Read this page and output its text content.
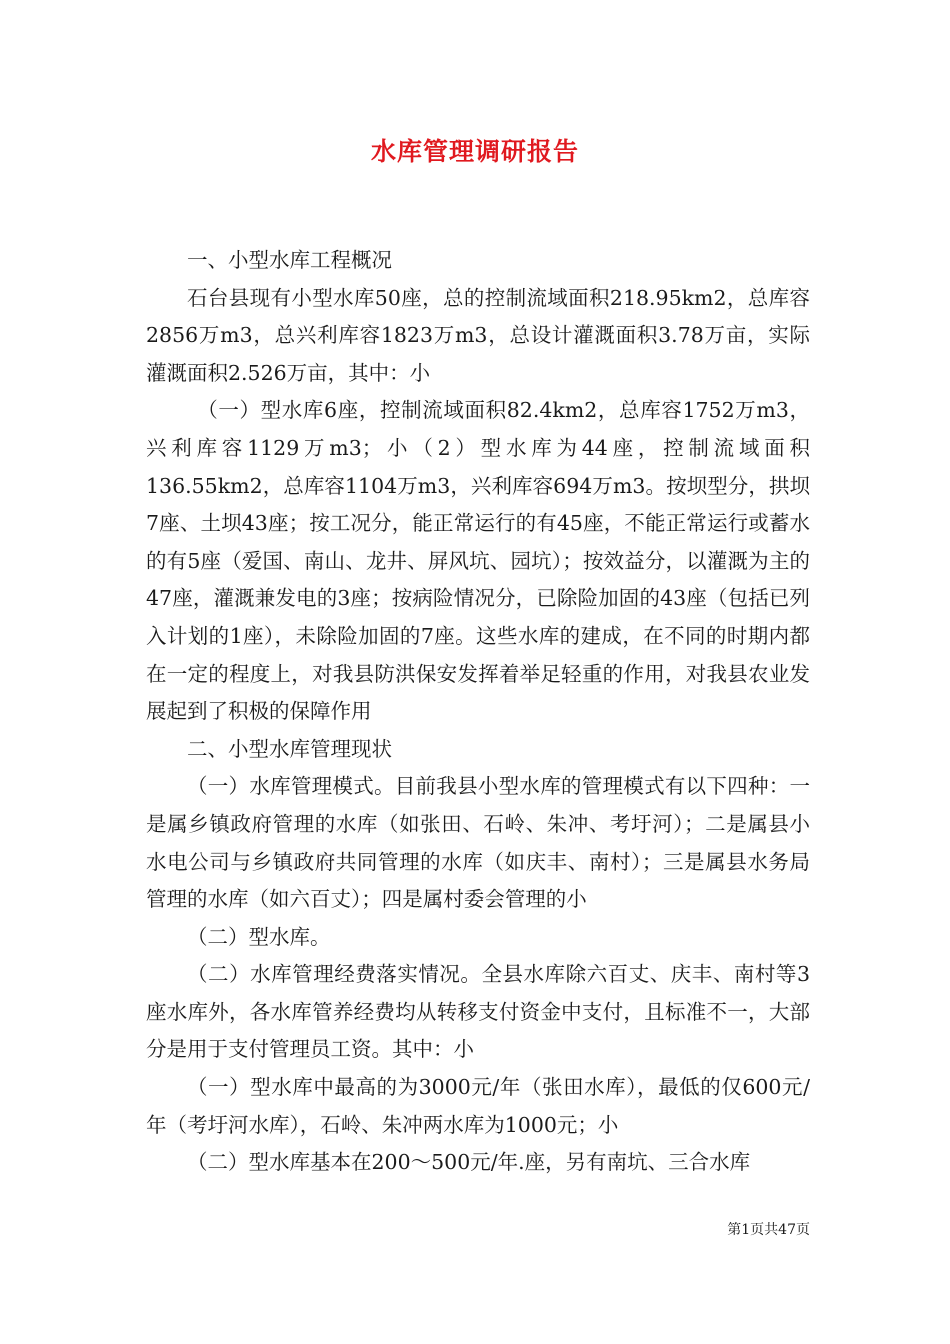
水库管理调研报告

一、小型水库工程概况

石台县现有小型水库50座，总的控制流域面积218.95km2，总库容2856万m3，总兴利库容1823万m3，总设计灌溉面积3.78万亩，实际灌溉面积2.526万亩，其中：小

（一）型水库6座，控制流域面积82.4km2，总库容1752万m3，兴利库容1129万m3；小（2）型水库为44座，控制流域面积136.55km2，总库容1104万m3，兴利库容694万m3。按坝型分，拱坝7座、土坝43座；按工况分，能正常运行的有45座，不能正常运行或蓄水的有5座（爱国、南山、龙井、屏风坑、园坑）；按效益分，以灌溉为主的47座，灌溉兼发电的3座；按病险情况分，已除险加固的43座（包括已列入计划的1座），未除险加固的7座。这些水库的建成，在不同的时期内都在一定的程度上，对我县防洪保安发挥着举足轻重的作用，对我县农业发展起到了积极的保障作用

二、小型水库管理现状

（一）水库管理模式。目前我县小型水库的管理模式有以下四种：一是属乡镇政府管理的水库（如张田、石岭、朱冲、考圩河）；二是属县小水电公司与乡镇政府共同管理的水库（如庆丰、南村）；三是属县水务局管理的水库（如六百丈）；四是属村委会管理的小

（二）型水库。

（二）水库管理经费落实情况。全县水库除六百丈、庆丰、南村等3座水库外，各水库管养经费均从转移支付资金中支付，且标准不一，大部分是用于支付管理员工资。其中：小

（一）型水库中最高的为3000元/年（张田水库），最低的仅600元/年（考圩河水库），石岭、朱冲两水库为1000元；小

（二）型水库基本在200～500元/年.座，另有南坑、三合水库

第1页共47页
